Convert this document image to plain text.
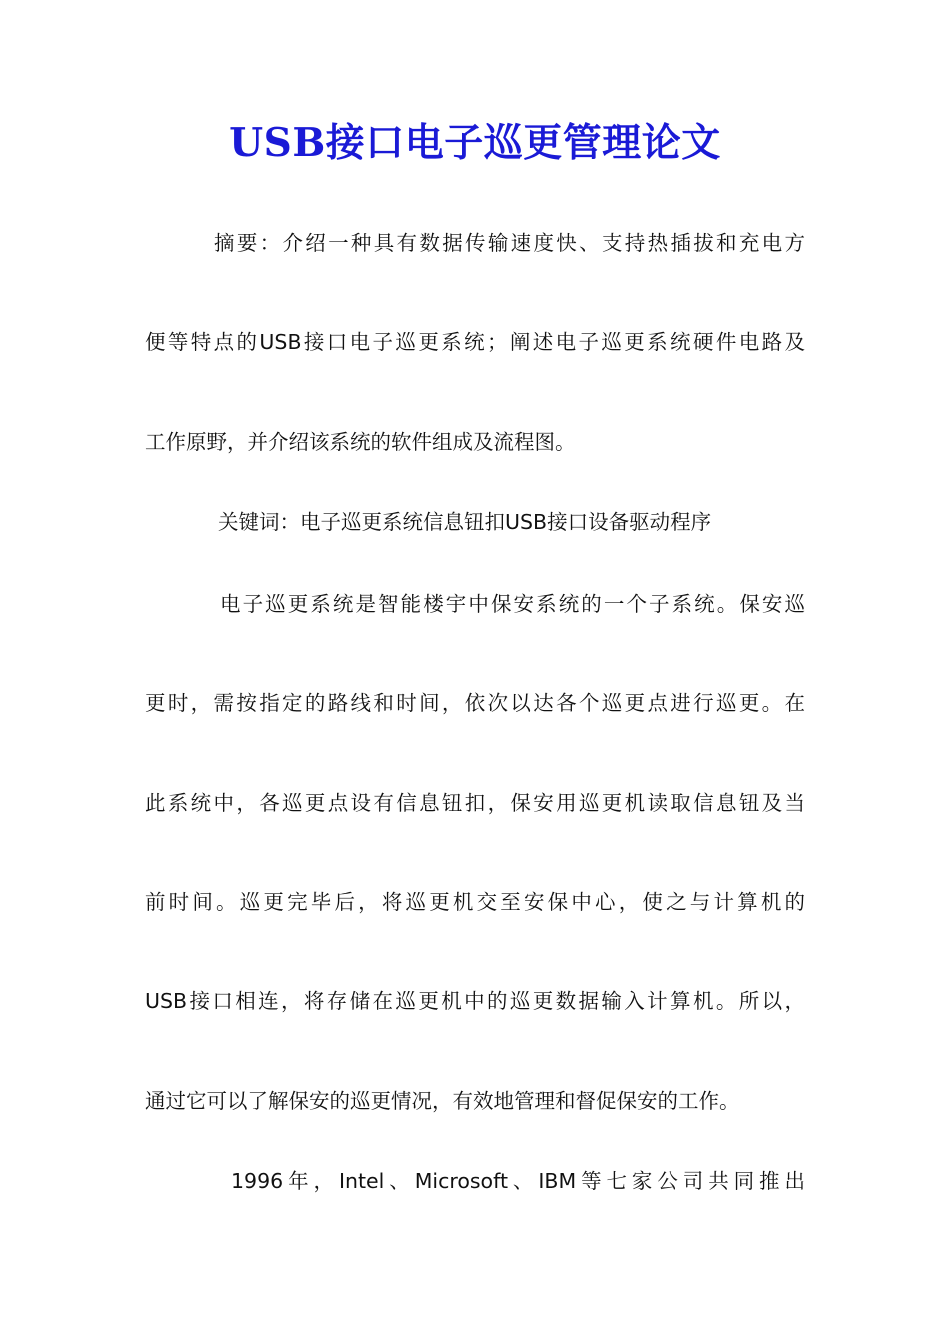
USB接口电子巡更管理论文
摘要：介绍一种具有数据传输速度快、支持热插拔和充电方
便等特点的USB接口电子巡更系统；阐述电子巡更系统硬件电路及
工作原野，并介绍该系统的软件组成及流程图。
关键词：电子巡更系统信息钮扣USB接口设备驱动程序
电子巡更系统是智能楼宇中保安系统的一个子系统。保安巡
更时，需按指定的路线和时间，依次以达各个巡更点进行巡更。在
此系统中，各巡更点设有信息钮扣，保安用巡更机读取信息钮及当
前时间。巡更完毕后，将巡更机交至安保中心，使之与计算机的
USB接口相连，将存储在巡更机中的巡更数据输入计算机。所以，
通过它可以了解保安的巡更情况，有效地管理和督促保安的工作。
1996年，Intel、Microsoft、IBM等七家公司共同推出
